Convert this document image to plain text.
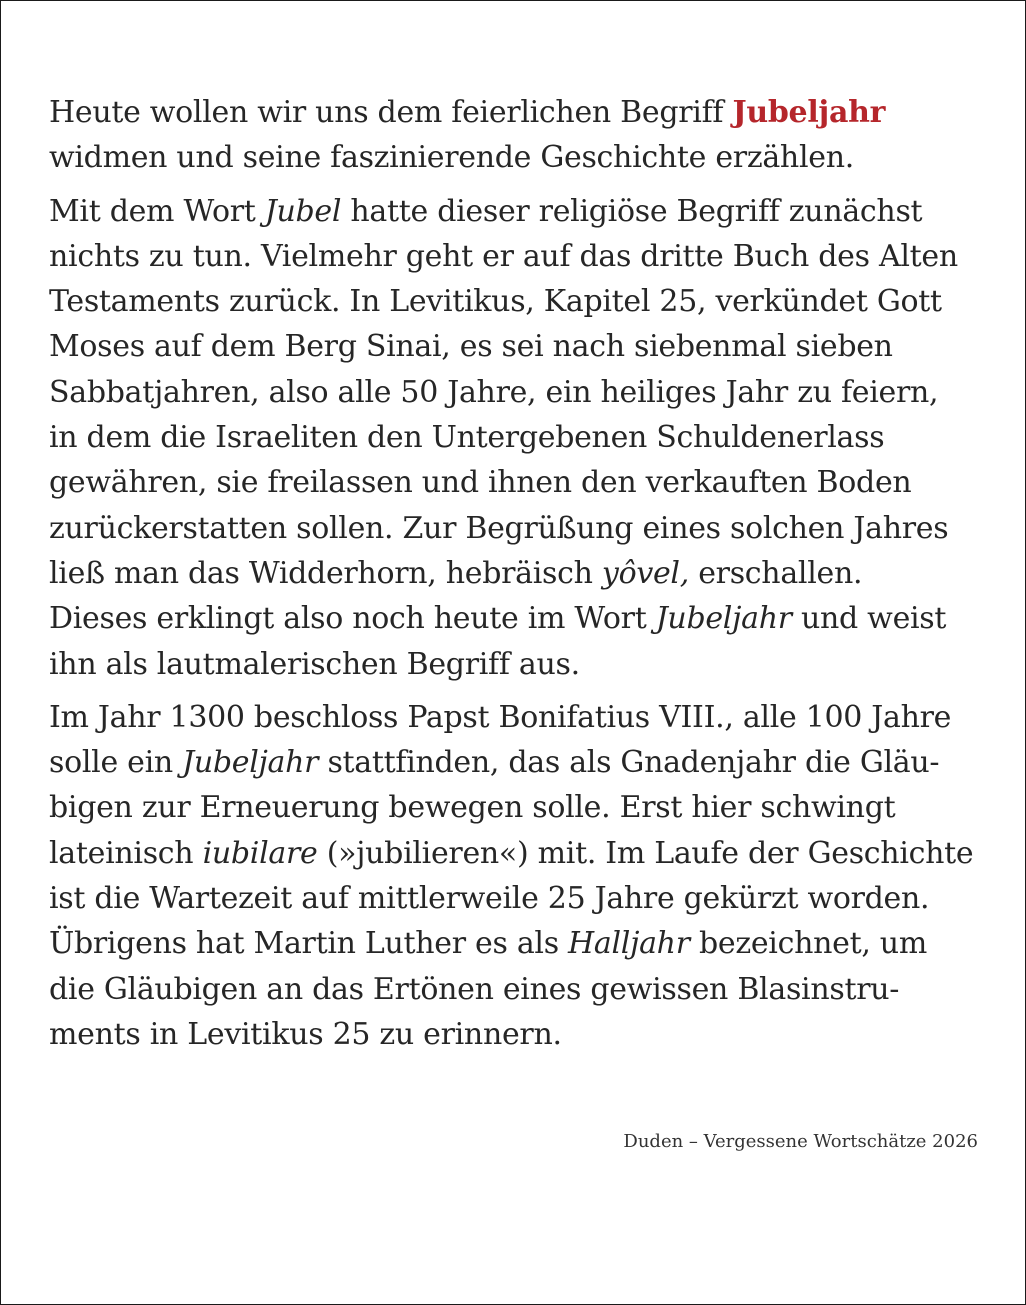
Heute wollen wir uns dem feierlichen Begriff Jubeljahr
widmen und seine faszinierende Geschichte erzählen.

Mit dem Wort Jubel hatte dieser religiöse Begriff zunächst
nichts zu tun. Vielmehr geht er auf das dritte Buch des Alten
Testaments zurück. In Levitikus, Kapitel 25, verkündet Gott
Moses auf dem Berg Sinai, es sei nach siebenmal sieben
Sabbatjahren, also alle 50 Jahre, ein heiliges Jahr zu feiern,
in dem die Israeliten den Untergebenen Schuldenerlass
gewähren, sie freilassen und ihnen den verkauften Boden
zurückerstatten sollen. Zur Begrüßung eines solchen Jahres
ließ man das Widderhorn, hebräisch yôvel, erschallen.
Dieses erklingt also noch heute im Wort Jubeljahr und weist
ihn als lautmalerischen Begriff aus.

Im Jahr 1300 beschloss Papst Bonifatius VIII., alle 100 Jahre
solle ein Jubeljahr stattfinden, das als Gnadenjahr die Gläu-
bigen zur Erneuerung bewegen solle. Erst hier schwingt
lateinisch iubilare (»jubilieren«) mit. Im Laufe der Geschichte
ist die Wartezeit auf mittlerweile 25 Jahre gekürzt worden.
Übrigens hat Martin Luther es als Halljahr bezeichnet, um
die Gläubigen an das Ertönen eines gewissen Blasinstru-
ments in Levitikus 25 zu erinnern.

Duden – Vergessene Wortschätze 2026
